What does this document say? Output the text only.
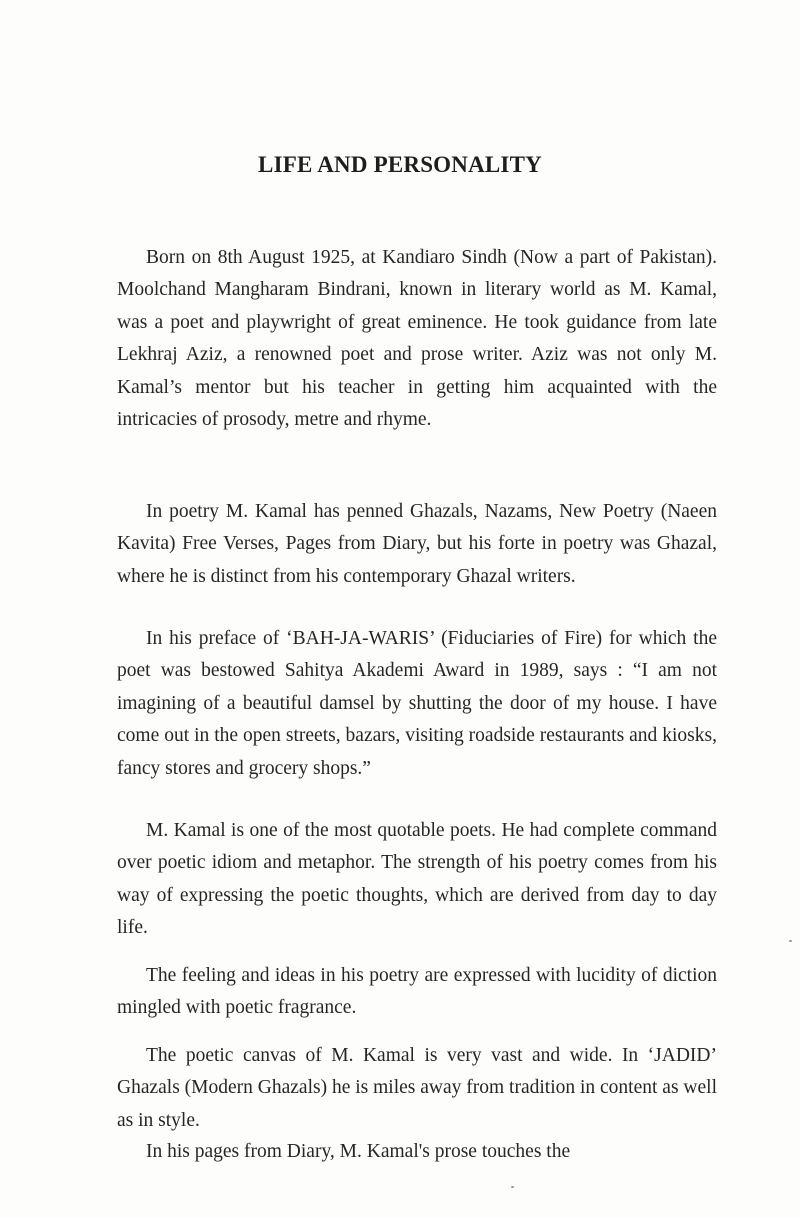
LIFE AND PERSONALITY

Born on 8th August 1925, at Kandiaro Sindh (Now a part of Pakistan). Moolchand Mangharam Bindrani, known in literary world as M. Kamal, was a poet and playwright of great eminence. He took guidance from late Lekhraj Aziz, a renowned poet and prose writer. Aziz was not only M. Kamal’s mentor but his teacher in getting him acquainted with the intricacies of prosody, metre and rhyme.

In poetry M. Kamal has penned Ghazals, Nazams, New Poetry (Naeen Kavita) Free Verses, Pages from Diary, but his forte in poetry was Ghazal, where he is distinct from his contemporary Ghazal writers.

In his preface of ‘BAH-JA-WARIS’ (Fiduciaries of Fire) for which the poet was bestowed Sahitya Akademi Award in 1989, says : “I am not imagining of a beautiful damsel by shutting the door of my house. I have come out in the open streets, bazars, visiting roadside restaurants and kiosks, fancy stores and grocery shops.”

M. Kamal is one of the most quotable poets. He had complete command over poetic idiom and metaphor. The strength of his poetry comes from his way of expressing the poetic thoughts, which are derived from day to day life.

The feeling and ideas in his poetry are expressed with lucidity of diction mingled with poetic fragrance.

The poetic canvas of M. Kamal is very vast and wide. In ‘JADID’ Ghazals (Modern Ghazals) he is miles away from tradition in content as well as in style.

In his pages from Diary, M. Kamal's prose touches the
